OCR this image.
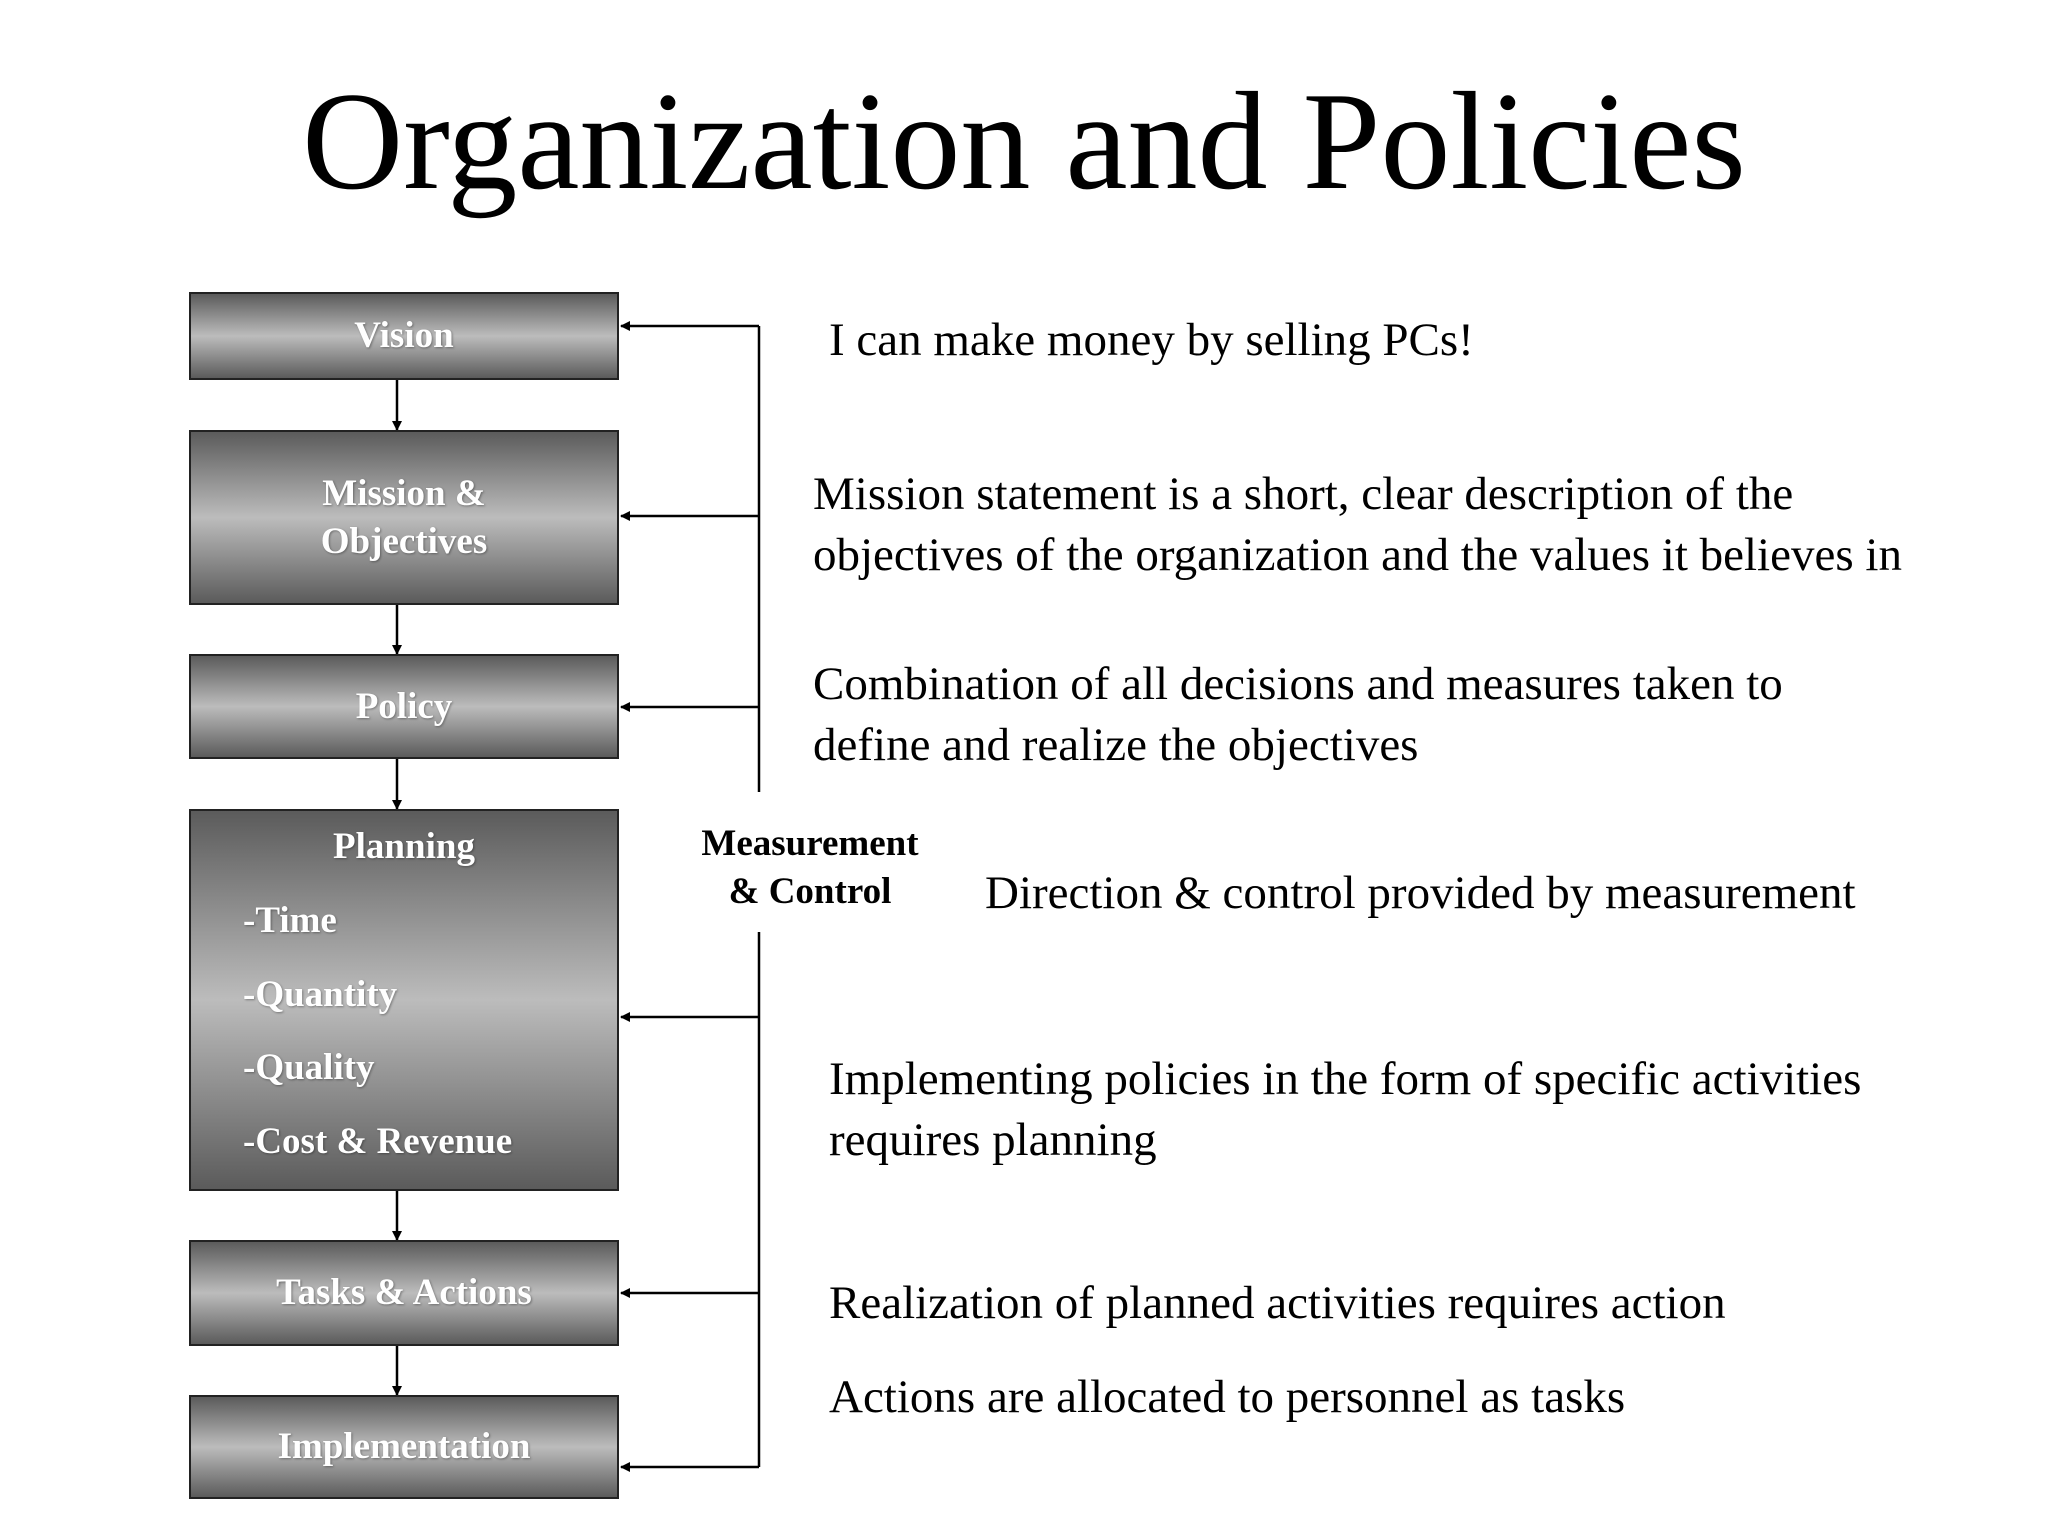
Organization and Policies
Vision
Mission &
Objectives
Policy
Planning
-Time
-Quantity
-Quality
-Cost & Revenue
Tasks & Actions
Implementation
Measurement
& Control
I can make money by selling PCs!
Mission statement is a short, clear description of the
objectives of the organization and the values it believes in
Combination of all decisions and measures taken to
define and realize the objectives
Direction & control provided by measurement
Implementing policies in the form of specific activities
requires planning
Realization of planned activities requires action
Actions are allocated to personnel as tasks
